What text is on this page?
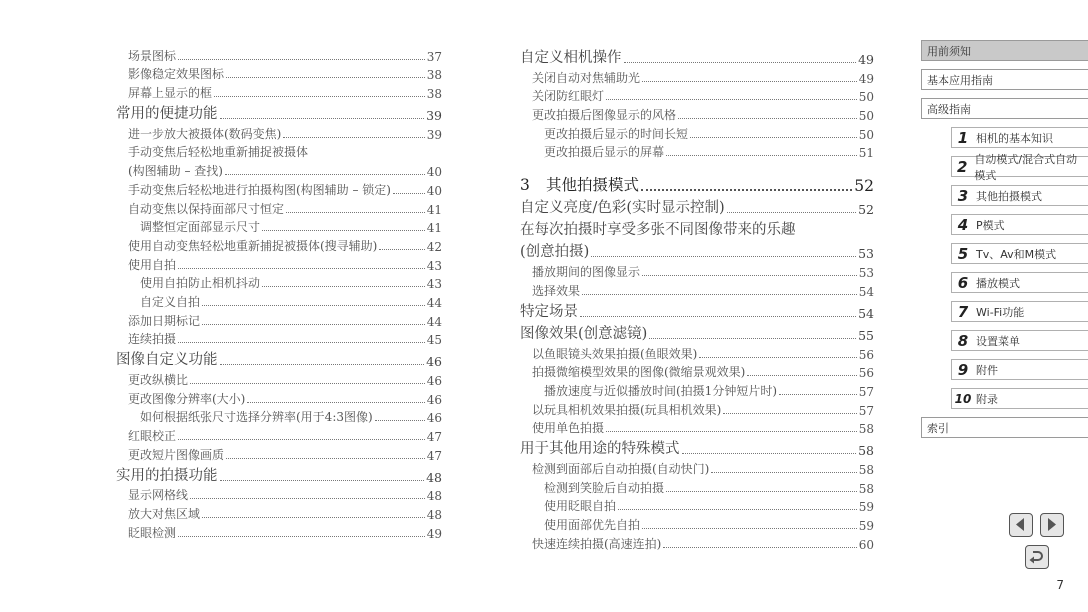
场景图标	37
影像稳定效果图标	38
屏幕上显示的框	38
常用的便捷功能	39
进一步放大被摄体(数码变焦)	39
手动变焦后轻松地重新捕捉被摄体
(构图辅助 – 查找)	40
手动变焦后轻松地进行拍摄构图(构图辅助 – 锁定)	40
自动变焦以保持面部尺寸恒定	41
调整恒定面部显示尺寸	41
使用自动变焦轻松地重新捕捉被摄体(搜寻辅助)	42
使用自拍	43
使用自拍防止相机抖动	43
自定义自拍	44
添加日期标记	44
连续拍摄	45
图像自定义功能	46
更改纵横比	46
更改图像分辨率(大小)	46
如何根据纸张尺寸选择分辨率(用于4:3图像)	46
红眼校正	47
更改短片图像画质	47
实用的拍摄功能	48
显示网格线	48
放大对焦区域	48
眨眼检测	49
自定义相机操作	49
关闭自动对焦辅助光	49
关闭防红眼灯	50
更改拍摄后图像显示的风格	50
更改拍摄后显示的时间长短	50
更改拍摄后显示的屏幕	51
3 其他拍摄模式	52
自定义亮度/色彩(实时显示控制)	52
在每次拍摄时享受多张不同图像带来的乐趣
(创意拍摄)	53
播放期间的图像显示	53
选择效果	54
特定场景	54
图像效果(创意滤镜)	55
以鱼眼镜头效果拍摄(鱼眼效果)	56
拍摄微缩模型效果的图像(微缩景观效果)	56
播放速度与近似播放时间(拍摄1分钟短片时)	57
以玩具相机效果拍摄(玩具相机效果)	57
使用单色拍摄	58
用于其他用途的特殊模式	58
检测到面部后自动拍摄(自动快门)	58
检测到笑脸后自动拍摄	58
使用眨眼自拍	59
使用面部优先自拍	59
快速连续拍摄(高速连拍)	60
用前须知
基本应用指南
高级指南
1 相机的基本知识
2 自动模式/混合式自动模式
3 其他拍摄模式
4 P模式
5 Tv、Av和M模式
6 播放模式
7 Wi-Fi功能
8 设置菜单
9 附件
10 附录
索引
7
